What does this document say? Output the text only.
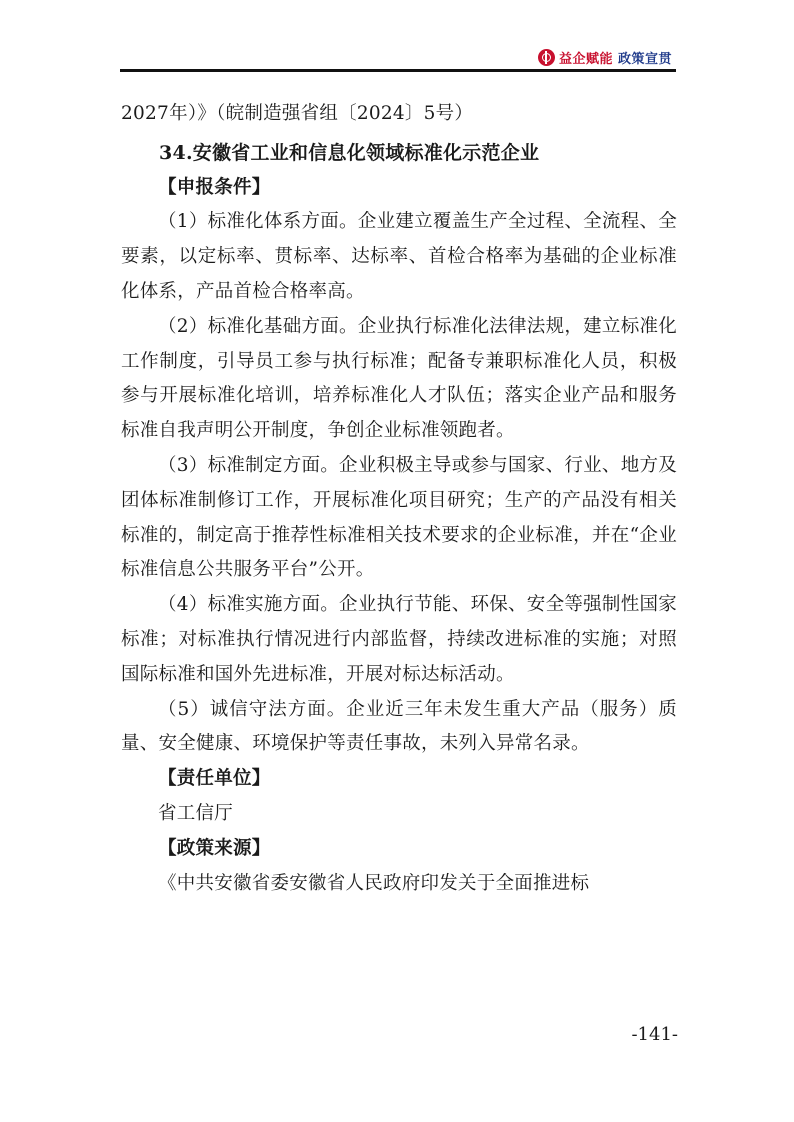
益企赋能 政策宣贯

2027年）》（皖制造强省组〔2024〕5号）

34.安徽省工业和信息化领域标准化示范企业

【申报条件】

（1）标准化体系方面。企业建立覆盖生产全过程、全流程、全要素，以定标率、贯标率、达标率、首检合格率为基础的企业标准化体系，产品首检合格率高。

（2）标准化基础方面。企业执行标准化法律法规，建立标准化工作制度，引导员工参与执行标准；配备专兼职标准化人员，积极参与开展标准化培训，培养标准化人才队伍；落实企业产品和服务标准自我声明公开制度，争创企业标准领跑者。

（3）标准制定方面。企业积极主导或参与国家、行业、地方及团体标准制修订工作，开展标准化项目研究；生产的产品没有相关标准的，制定高于推荐性标准相关技术要求的企业标准，并在“企业标准信息公共服务平台”公开。

（4）标准实施方面。企业执行节能、环保、安全等强制性国家标准；对标准执行情况进行内部监督，持续改进标准的实施；对照国际标准和国外先进标准，开展对标达标活动。

（5）诚信守法方面。企业近三年未发生重大产品（服务）质量、安全健康、环境保护等责任事故，未列入异常名录。

【责任单位】

省工信厅

【政策来源】

《中共安徽省委安徽省人民政府印发关于全面推进标

-141-
